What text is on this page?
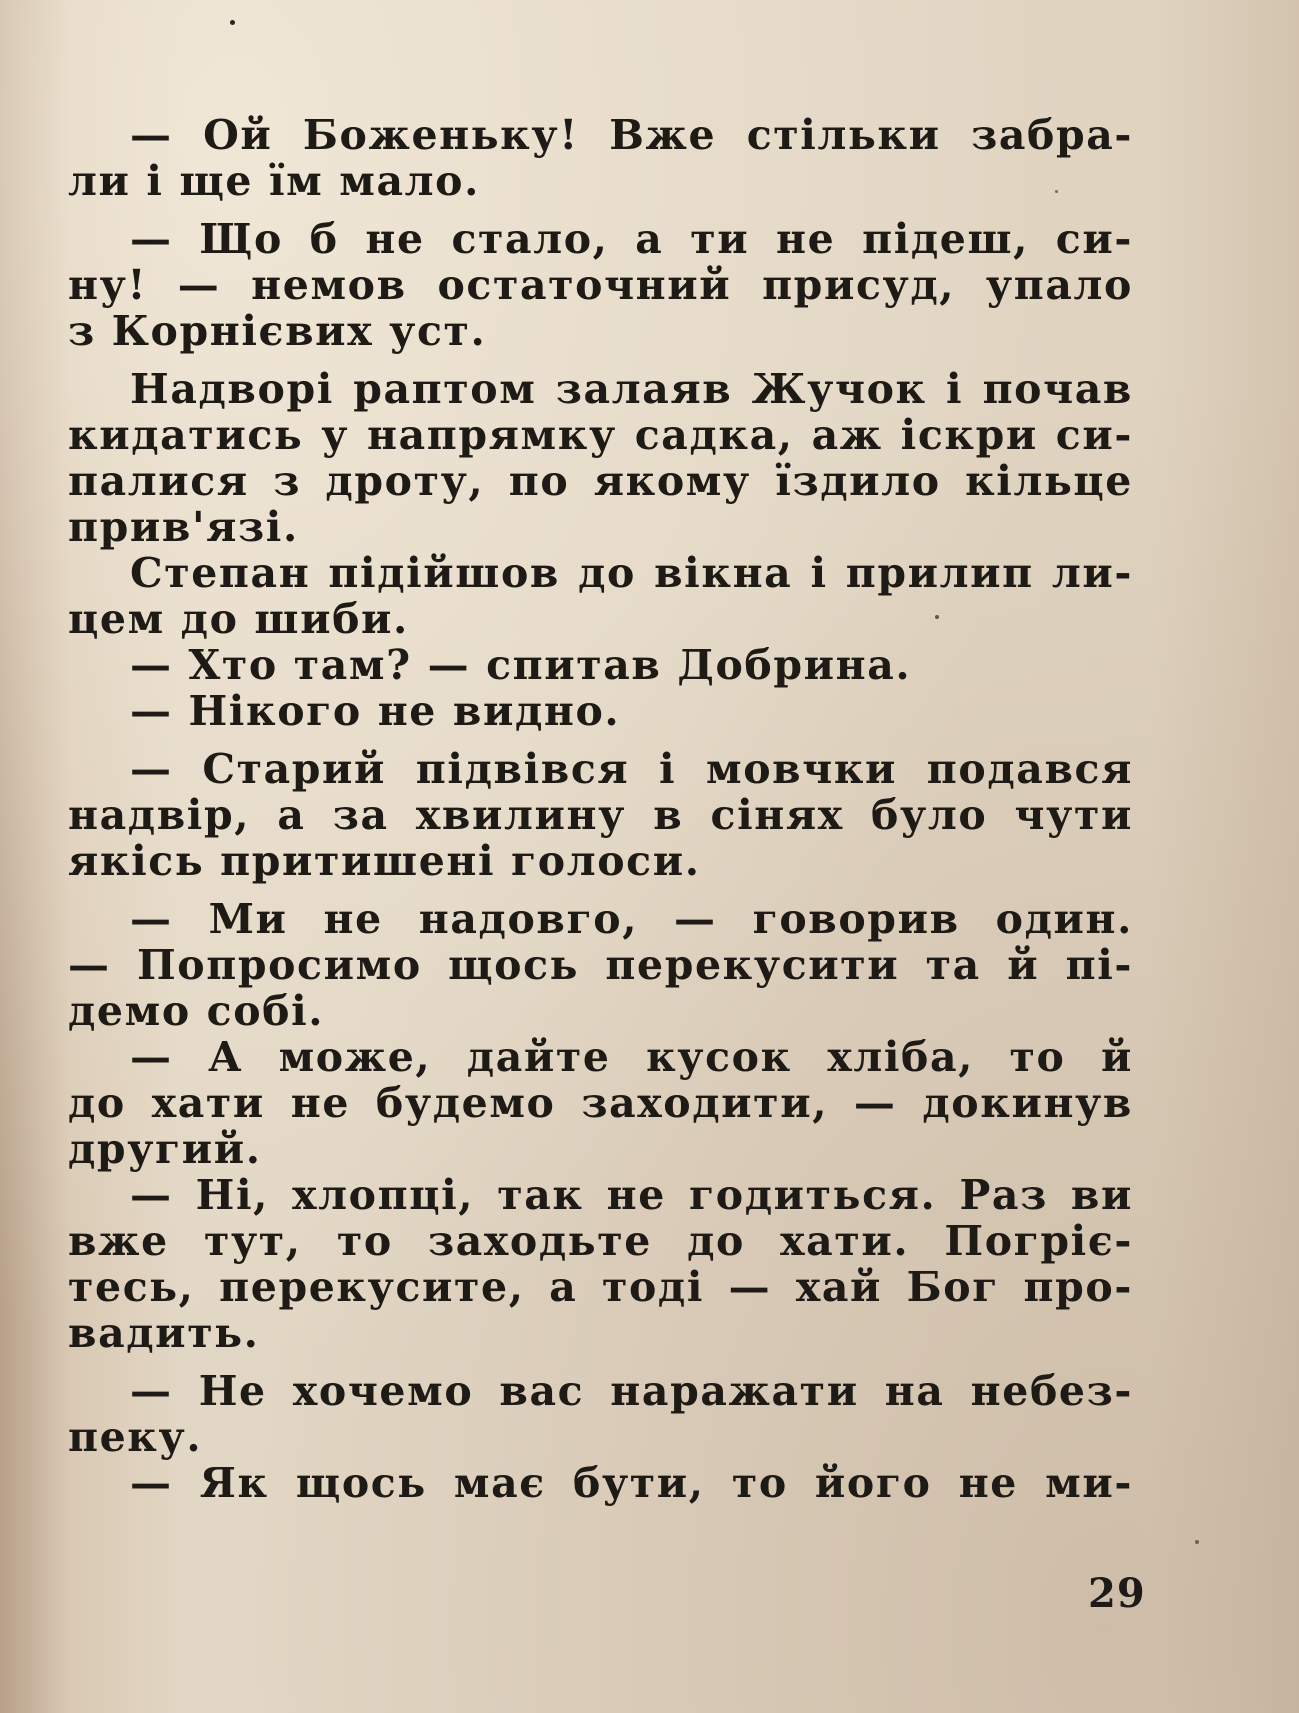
— Ой Боженьку! Вже стільки забра-
ли і ще їм мало.
— Що б не стало, а ти не підеш, си-
ну! — немов остаточний присуд, упало
з Корнієвих уст.
Надворі раптом залаяв Жучок і почав
кидатись у напрямку садка, аж іскри си-
палися з дроту, по якому їздило кільце
прив'язі.
Степан підійшов до вікна і прилип ли-
цем до шиби.
— Хто там? — спитав Добрина.
— Нікого не видно.
— Старий підвівся і мовчки подався
надвір, а за хвилину в сінях було чути
якісь притишені голоси.
— Ми не надовго, — говорив один.
— Попросимо щось перекусити та й пі-
демо собі.
— А може, дайте кусок хліба, то й
до хати не будемо заходити, — докинув
другий.
— Ні, хлопці, так не годиться. Раз ви
вже тут, то заходьте до хати. Погріє-
тесь, перекусите, а тоді — хай Бог про-
вадить.
— Не хочемо вас наражати на небез-
пеку.
— Як щось має бути, то його не ми-
29
